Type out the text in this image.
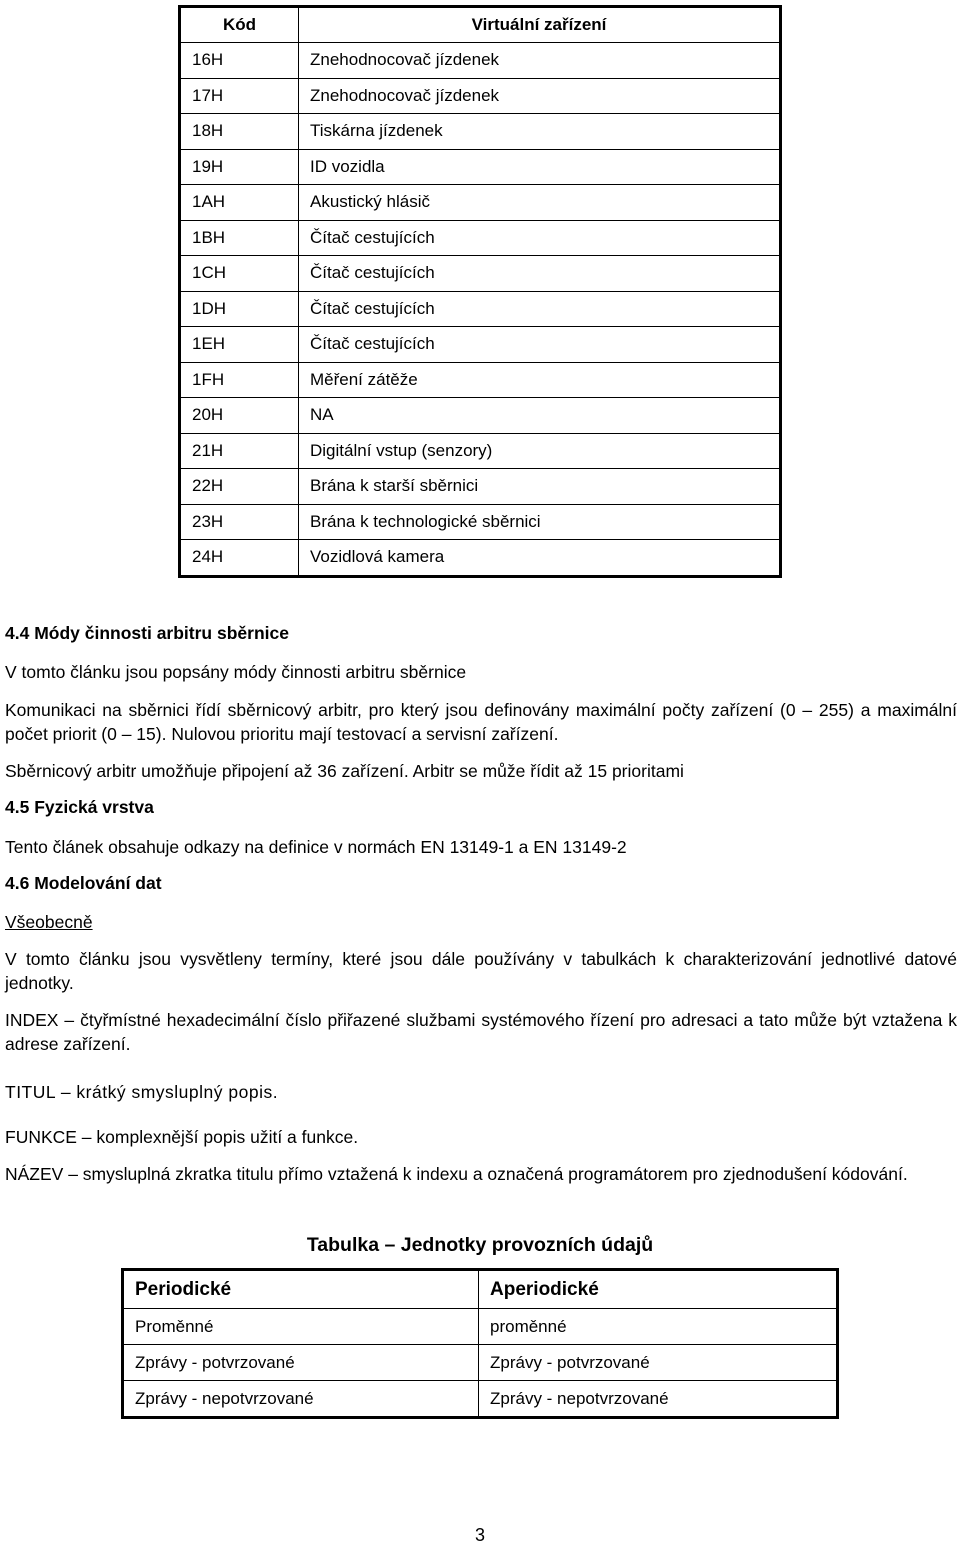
Kód	Virtuální zařízení
16H	Znehodnocovač jízdenek
17H	Znehodnocovač jízdenek
18H	Tiskárna jízdenek
19H	ID vozidla
1AH	Akustický hlásič
1BH	Čítač cestujících
1CH	Čítač cestujících
1DH	Čítač cestujících
1EH	Čítač cestujících
1FH	Měření zátěže
20H	NA
21H	Digitální vstup (senzory)
22H	Brána k starší sběrnici
23H	Brána k technologické sběrnici
24H	Vozidlová kamera
4.4 Módy činnosti arbitru sběrnice

V tomto článku jsou popsány módy činnosti arbitru sběrnice

Komunikaci na sběrnici řídí sběrnicový arbitr, pro který jsou definovány maximální počty zařízení (0 – 255) a maximální počet priorit (0 – 15). Nulovou prioritu mají testovací a servisní zařízení.

Sběrnicový arbitr umožňuje připojení až 36 zařízení. Arbitr se může řídit až 15 prioritami

4.5 Fyzická vrstva

Tento článek obsahuje odkazy na definice v normách EN 13149-1 a EN 13149-2

4.6 Modelování dat
Všeobecně

V tomto článku jsou vysvětleny termíny, které jsou dále používány v tabulkách k charakterizování jednotlivé datové jednotky.

INDEX – čtyřmístné hexadecimální číslo přiřazené službami systémového řízení pro adresaci a tato může být vztažena k adrese zařízení.

TITUL – krátký smysluplný popis.

FUNKCE – komplexnější popis užití a funkce.

NÁZEV – smysluplná zkratka titulu přímo vztažená k indexu a označená programátorem pro zjednodušení kódování.

Tabulka – Jednotky provozních údajů
Periodické	Aperiodické
Proměnné	proměnné
Zprávy - potvrzované	Zprávy - potvrzované
Zprávy - nepotvrzované	Zprávy - nepotvrzované
3
